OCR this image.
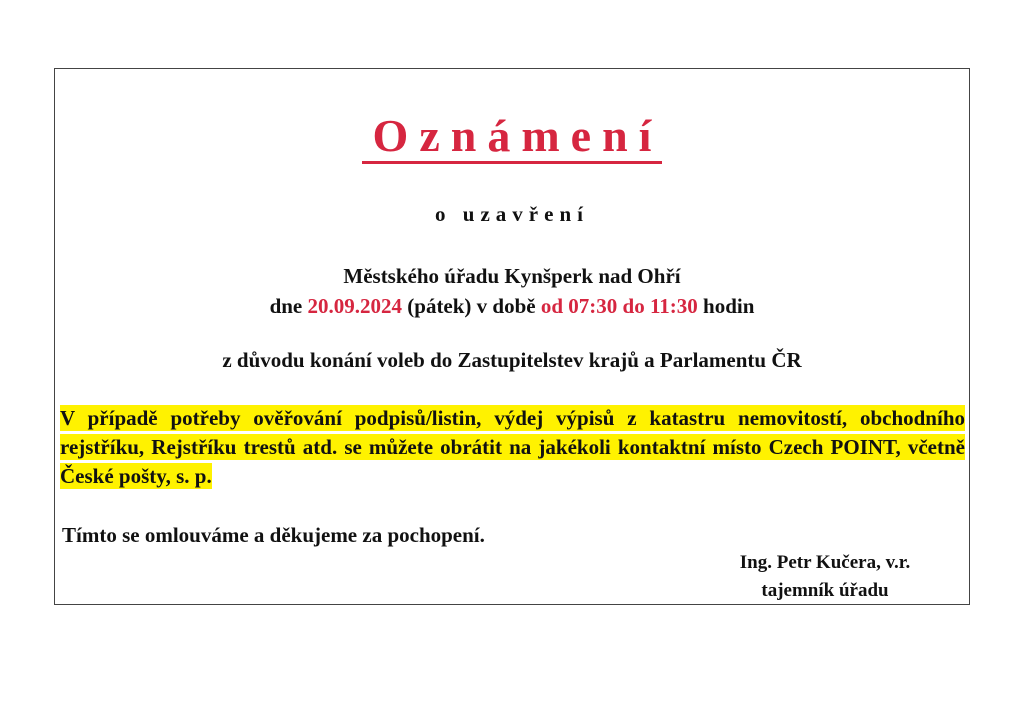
Oznámení
o uzavření
Městského úřadu Kynšperk nad Ohří
dne 20.09.2024 (pátek) v době od 07:30 do 11:30 hodin
z důvodu konání voleb do Zastupitelstev krajů a Parlamentu ČR
V případě potřeby ověřování podpisů/listin, výdej výpisů z katastru nemovitostí, obchodního rejstříku, Rejstříku trestů atd. se můžete obrátit na jakékoli kontaktní místo Czech POINT, včetně České pošty, s. p.
Tímto se omlouváme a děkujeme za pochopení.
Ing. Petr Kučera, v.r.
tajemník úřadu
